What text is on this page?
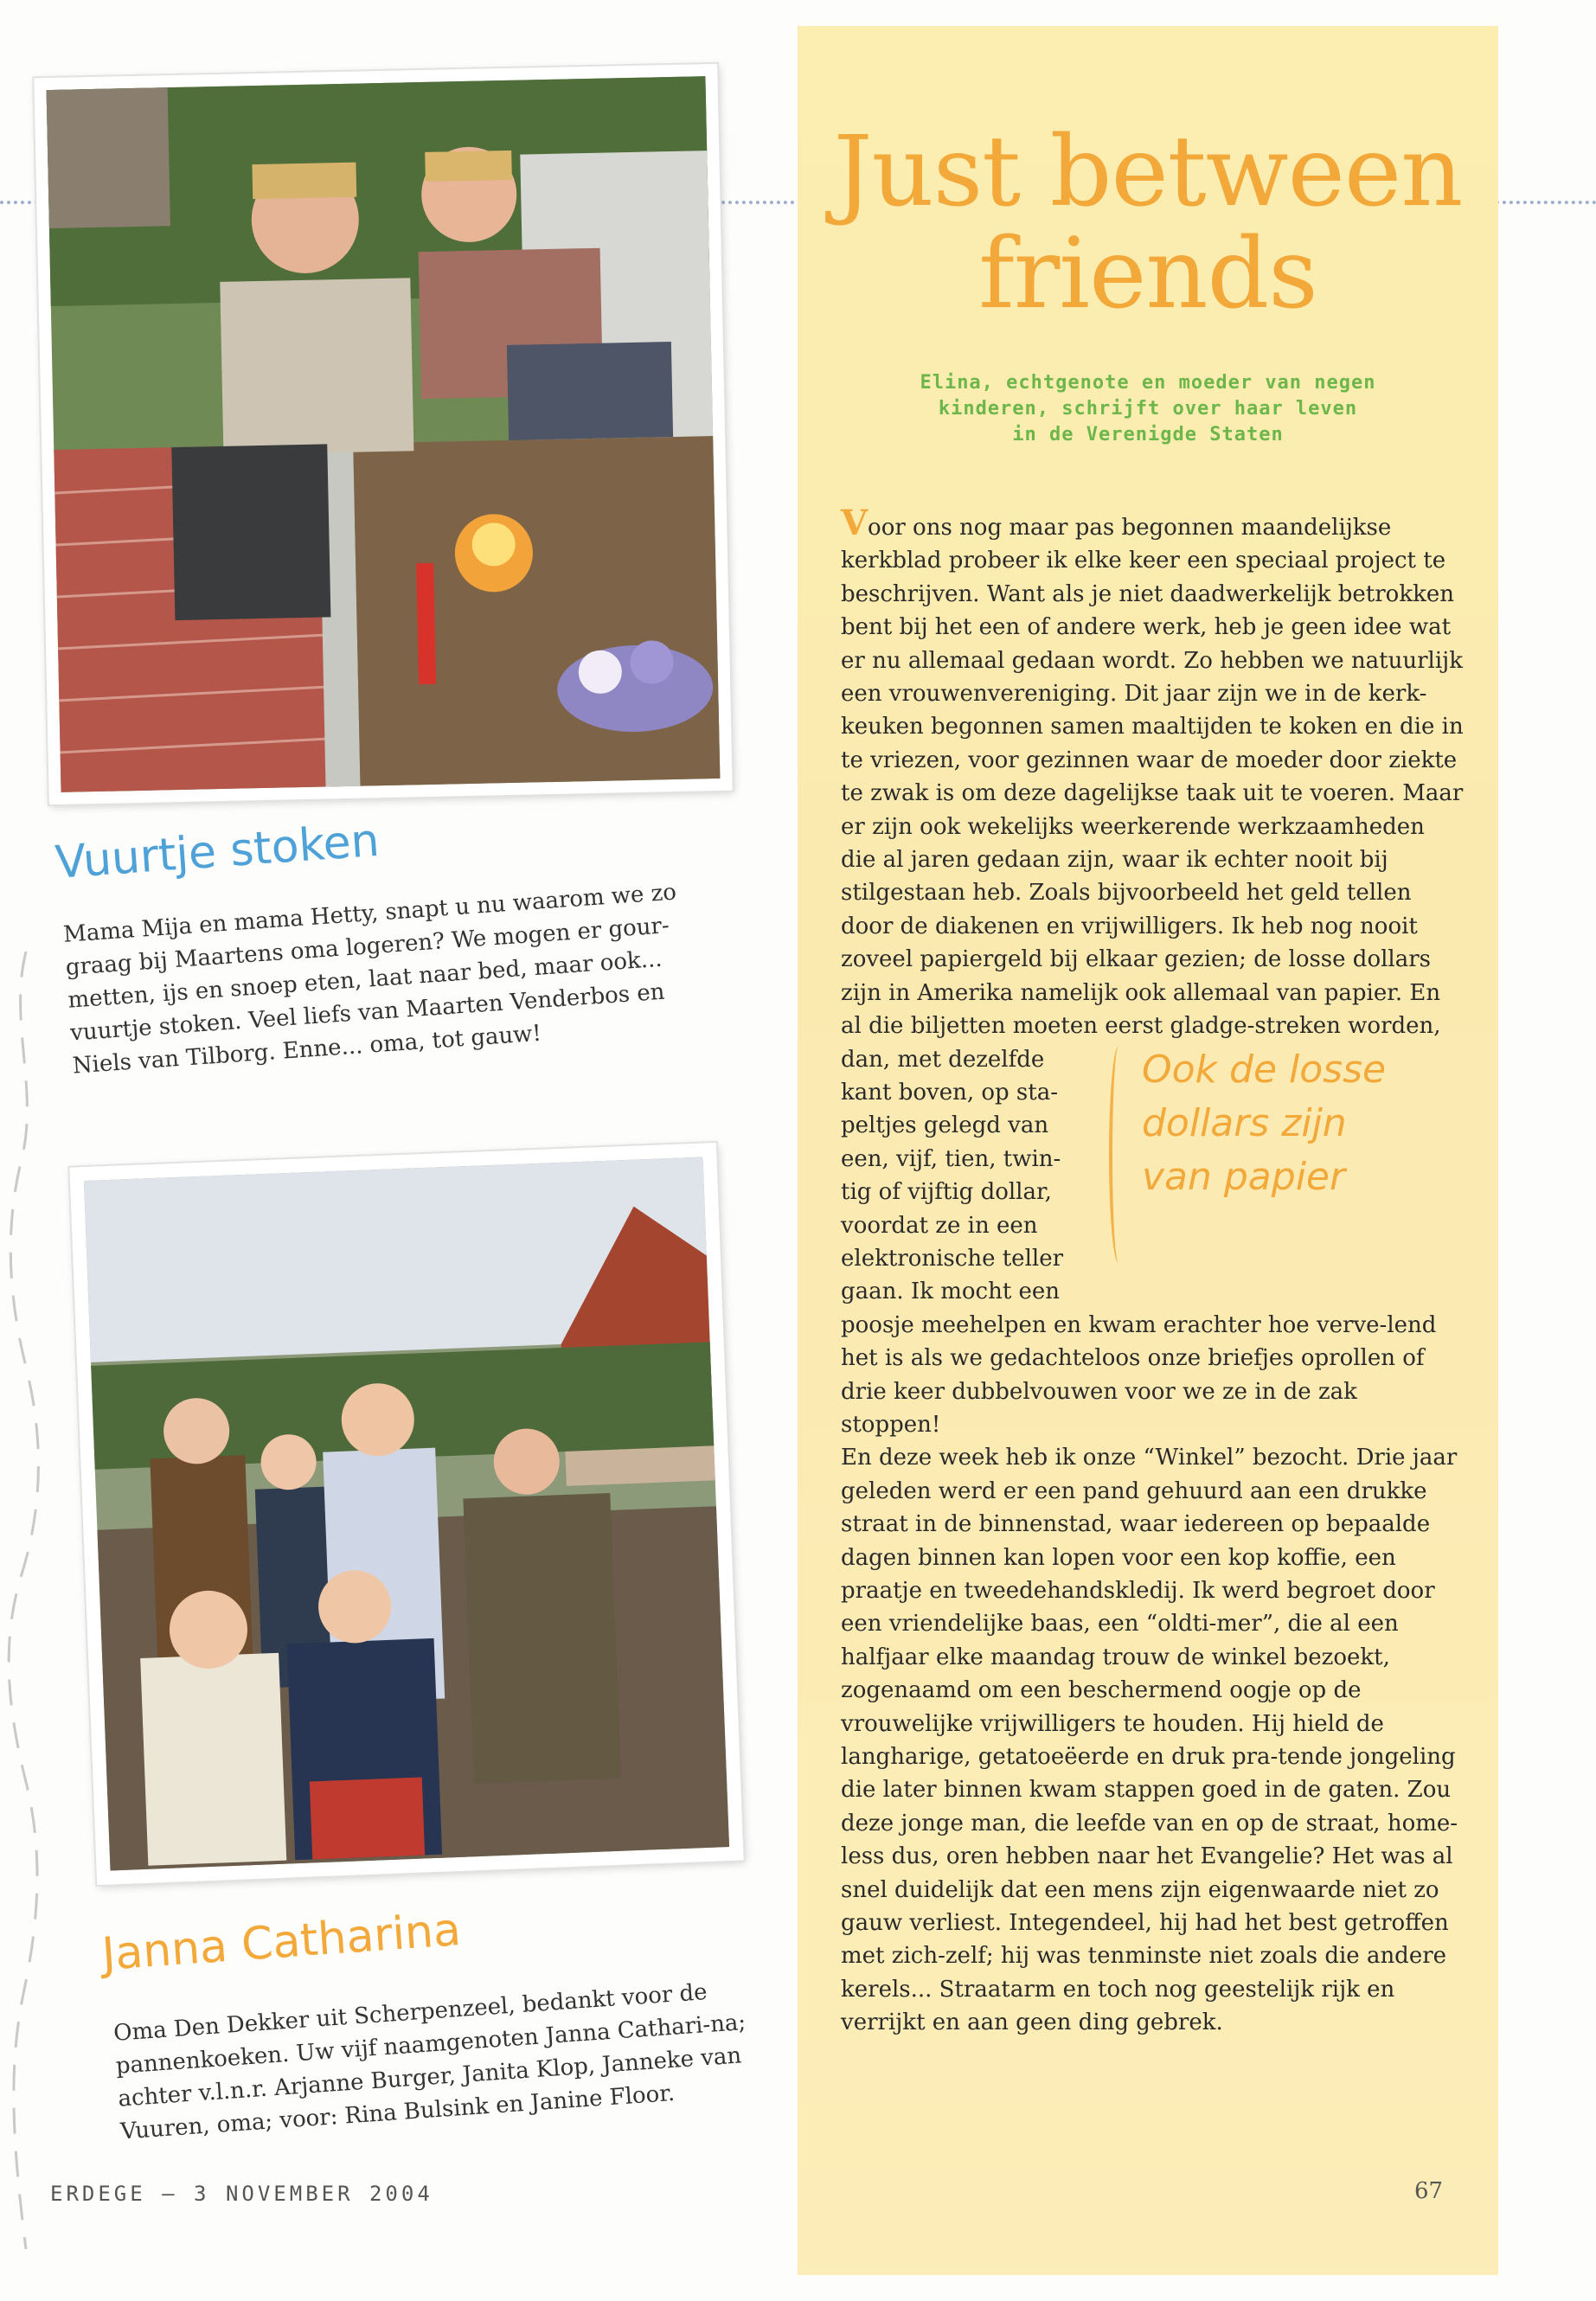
Vuurtje stoken
Mama Mija en mama Hetty, snapt u nu waarom we zo graag bij Maartens oma logeren? We mogen er gour-metten, ijs en snoep eten, laat naar bed, maar ook... vuurtje stoken. Veel liefs van Maarten Venderbos en Niels van Tilborg. Enne... oma, tot gauw!
Janna Catharina
Oma Den Dekker uit Scherpenzeel, bedankt voor de pannenkoeken. Uw vijf naamgenoten Janna Cathari-na; achter v.l.n.r. Arjanne Burger, Janita Klop, Janneke van Vuuren, oma; voor: Rina Bulsink en Janine Floor.
Just between
friends
Elina, echtgenote en moeder van negen
kinderen, schrijft over haar leven
in de Verenigde Staten

Voor ons nog maar pas begonnen maandelijkse kerkblad probeer ik elke keer een speciaal project te beschrijven. Want als je niet daadwerkelijk betrokken bent bij het een of andere werk, heb je geen idee wat er nu allemaal gedaan wordt. Zo hebben we natuurlijk een vrouwenvereniging. Dit jaar zijn we in de kerk-keuken begonnen samen maaltijden te koken en die in te vriezen, voor gezinnen waar de moeder door ziekte te zwak is om deze dagelijkse taak uit te voeren. Maar er zijn ook wekelijks weerkerende werkzaamheden die al jaren gedaan zijn, waar ik echter nooit bij stilgestaan heb. Zoals bijvoorbeeld het geld tellen door de diakenen en vrijwilligers. Ik heb nog nooit zoveel papiergeld bij elkaar gezien; de losse dollars zijn in Amerika namelijk ook allemaal van papier. En al die biljetten moeten eerst gladge-streken worden,

dan, met dezelfde kant boven, op sta-peltjes gelegd van een, vijf, tien, twin-tig of vijftig dollar, voordat ze in een elektronische teller gaan. Ik mocht een
Ook de losse
dollars zijn
van papier

poosje meehelpen en kwam erachter hoe verve-lend het is als we gedachteloos onze briefjes oprollen of drie keer dubbelvouwen voor we ze in de zak stoppen!

En deze week heb ik onze “Winkel” bezocht. Drie jaar geleden werd er een pand gehuurd aan een drukke straat in de binnenstad, waar iedereen op bepaalde dagen binnen kan lopen voor een kop koffie, een praatje en tweedehandskledij. Ik werd begroet door een vriendelijke baas, een “oldti-mer”, die al een halfjaar elke maandag trouw de winkel bezoekt, zogenaamd om een beschermend oogje op de vrouwelijke vrijwilligers te houden. Hij hield de langharige, getatoeëerde en druk pra-tende jongeling die later binnen kwam stappen goed in de gaten. Zou deze jonge man, die leefde van en op de straat, home-less dus, oren hebben naar het Evangelie? Het was al snel duidelijk dat een mens zijn eigenwaarde niet zo gauw verliest. Integendeel, hij had het best getroffen met zich-zelf; hij was tenminste niet zoals die andere kerels... Straatarm en toch nog geestelijk rijk en verrijkt en aan geen ding gebrek.

ERDEGE – 3 NOVEMBER 2004	67
